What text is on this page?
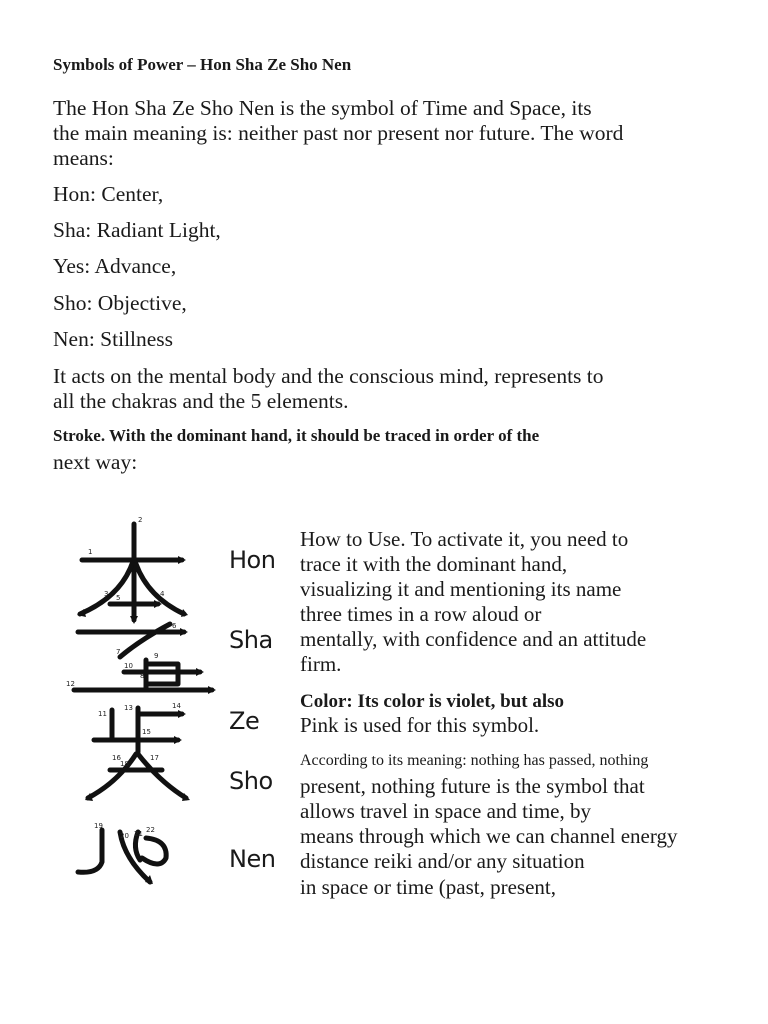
Symbols of Power – Hon Sha Ze Sho Nen
The Hon Sha Ze Sho Nen is the symbol of Time and Space, its
the main meaning is: neither past nor present nor future. The word
means:
Hon: Center,
Sha: Radiant Light,
Yes: Advance,
Sho: Objective,
Nen: Stillness
It acts on the mental body and the conscious mind, represents to
all the chakras and the 5 elements.
Stroke. With the dominant hand, it should be traced in order of the
next way:
1
2
3	4
5
6
7
8
9
10
11
12
13	14
15
16	17
18
19
20 21 22
Hon
Sha
Ze
Sho
Nen
How to Use. To activate it, you need to
trace it with the dominant hand,
visualizing it and mentioning its name
three times in a row aloud or
mentally, with confidence and an attitude
firm.
Color: Its color is violet, but also
Pink is used for this symbol.
According to its meaning: nothing has passed, nothing
present, nothing future is the symbol that
allows travel in space and time, by
means through which we can channel energy
distance reiki and/or any situation
in space or time (past, present,
